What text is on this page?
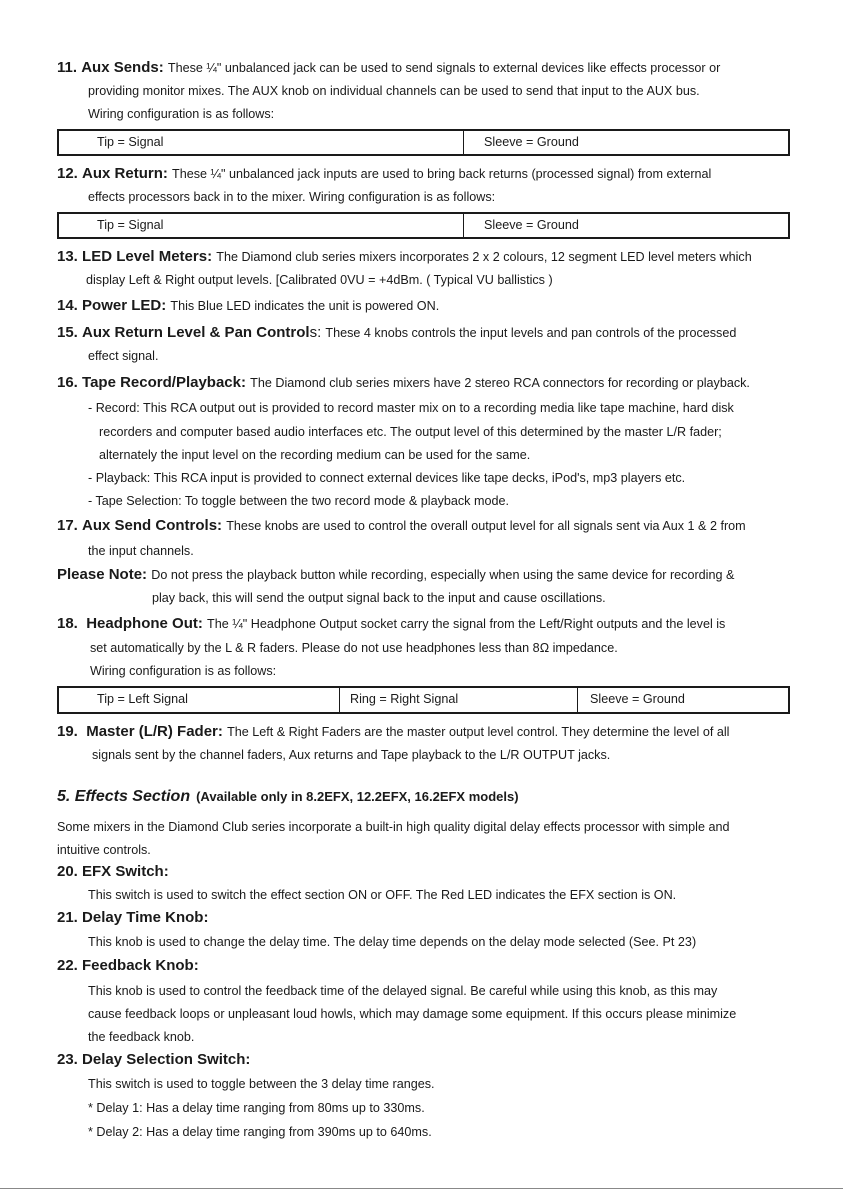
11. Aux Sends: These ¼" unbalanced jack can be used to send signals to external devices like effects processor or
providing monitor mixes. The AUX knob on individual channels can be used to send that input to the AUX bus.
Wiring configuration is as follows:
Tip = Signal	Sleeve = Ground
12. Aux Return: These ¼" unbalanced jack inputs are used to bring back returns (processed signal) from external
effects processors back in to the mixer. Wiring configuration is as follows:
Tip = Signal	Sleeve = Ground
13. LED Level Meters: The Diamond club series mixers incorporates 2 x 2 colours, 12 segment LED level meters which
display Left & Right output levels. [Calibrated 0VU = +4dBm. ( Typical VU ballistics )
14. Power LED: This Blue LED indicates the unit is powered ON.
15. Aux Return Level & Pan Controls: These 4 knobs controls the input levels and pan controls of the processed
effect signal.
16. Tape Record/Playback: The Diamond club series mixers have 2 stereo RCA connectors for recording or playback.
- Record: This RCA output out is provided to record master mix on to a recording media like tape machine, hard disk
recorders and computer based audio interfaces etc. The output level of this determined by the master L/R fader;
alternately the input level on the recording medium can be used for the same.
- Playback: This RCA input is provided to connect external devices like tape decks, iPod's, mp3 players etc.
- Tape Selection: To toggle between the two record mode & playback mode.
17. Aux Send Controls: These knobs are used to control the overall output level for all signals sent via Aux 1 & 2 from
the input channels.
Please Note: Do not press the playback button while recording, especially when using the same device for recording &
play back, this will send the output signal back to the input and cause oscillations.
18. Headphone Out: The ¼" Headphone Output socket carry the signal from the Left/Right outputs and the level is
set automatically by the L & R faders. Please do not use headphones less than 8Ω impedance.
Wiring configuration is as follows:
Tip = Left Signal	Ring = Right Signal	Sleeve = Ground
19. Master (L/R) Fader: The Left & Right Faders are the master output level control. They determine the level of all
signals sent by the channel faders, Aux returns and Tape playback to the L/R OUTPUT jacks.
5. Effects Section (Available only in 8.2EFX, 12.2EFX, 16.2EFX models)
Some mixers in the Diamond Club series incorporate a built-in high quality digital delay effects processor with simple and
intuitive controls.
20. EFX Switch:
This switch is used to switch the effect section ON or OFF. The Red LED indicates the EFX section is ON.
21. Delay Time Knob:
This knob is used to change the delay time. The delay time depends on the delay mode selected (See. Pt 23)
22. Feedback Knob:
This knob is used to control the feedback time of the delayed signal. Be careful while using this knob, as this may
cause feedback loops or unpleasant loud howls, which may damage some equipment. If this occurs please minimize
the feedback knob.
23. Delay Selection Switch:
This switch is used to toggle between the 3 delay time ranges.
* Delay 1: Has a delay time ranging from 80ms up to 330ms.
* Delay 2: Has a delay time ranging from 390ms up to 640ms.
